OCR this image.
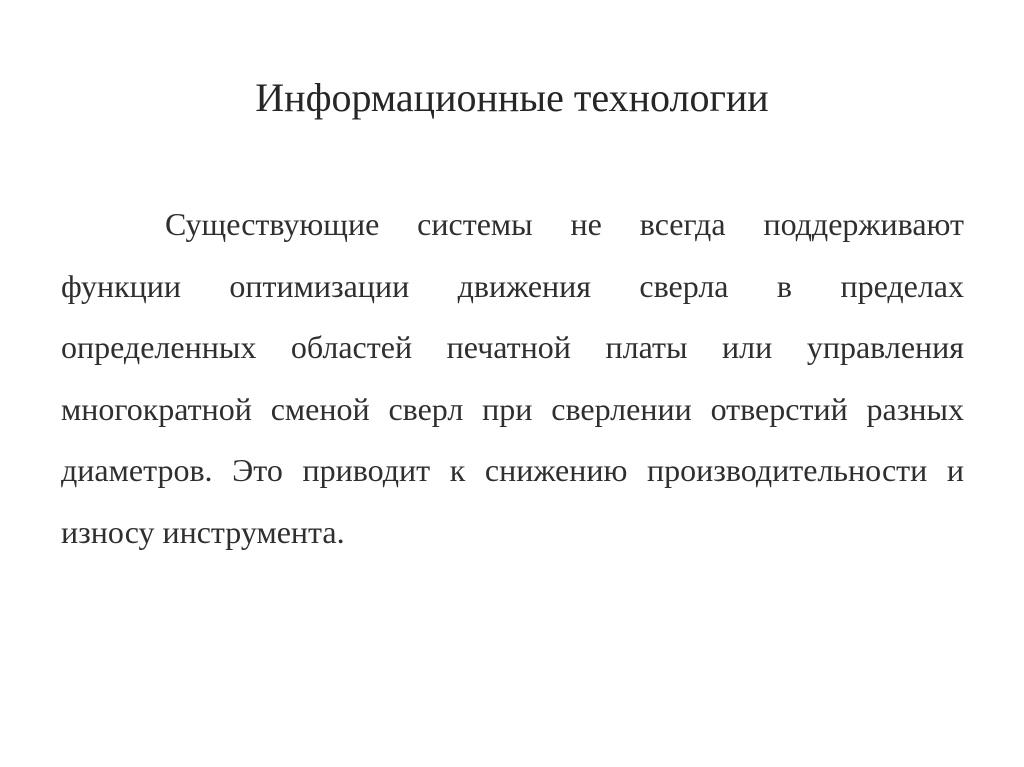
Информационные технологии
Существующие системы не всегда поддерживают
функции оптимизации движения сверла в пределах
определенных областей печатной платы или управления
многократной сменой сверл при сверлении отверстий разных
диаметров. Это приводит к снижению производительности и
износу инструмента.
